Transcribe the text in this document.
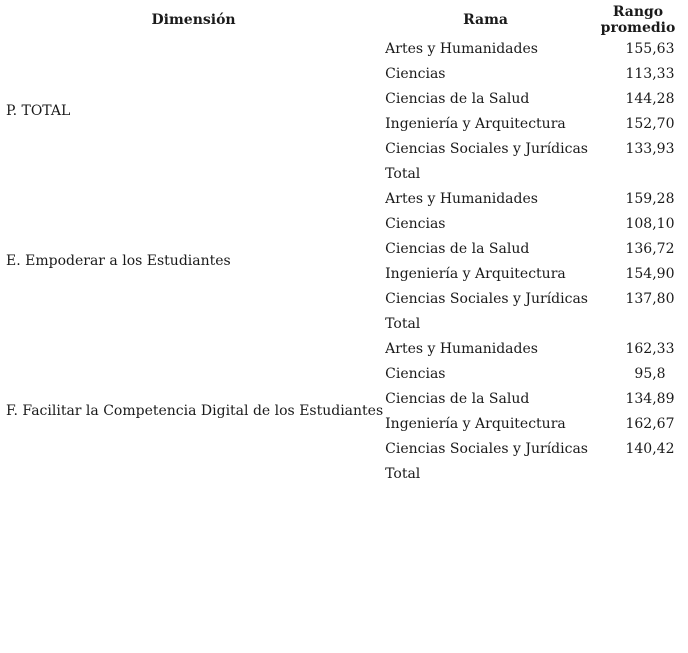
Dimensión	Rama	Rango promedio
P. TOTAL	Artes y Humanidades	155,63
	Ciencias	113,33
	Ciencias de la Salud	144,28
	Ingeniería y Arquitectura	152,70
	Ciencias Sociales y Jurídicas	133,93
	Total	
E. Empoderar a los Estudiantes	Artes y Humanidades	159,28
	Ciencias	108,10
	Ciencias de la Salud	136,72
	Ingeniería y Arquitectura	154,90
	Ciencias Sociales y Jurídicas	137,80
	Total	
F. Facilitar la Competencia Digital de los Estudiantes	Artes y Humanidades	162,33
	Ciencias	95,8
	Ciencias de la Salud	134,89
	Ingeniería y Arquitectura	162,67
	Ciencias Sociales y Jurídicas	140,42
	Total	
